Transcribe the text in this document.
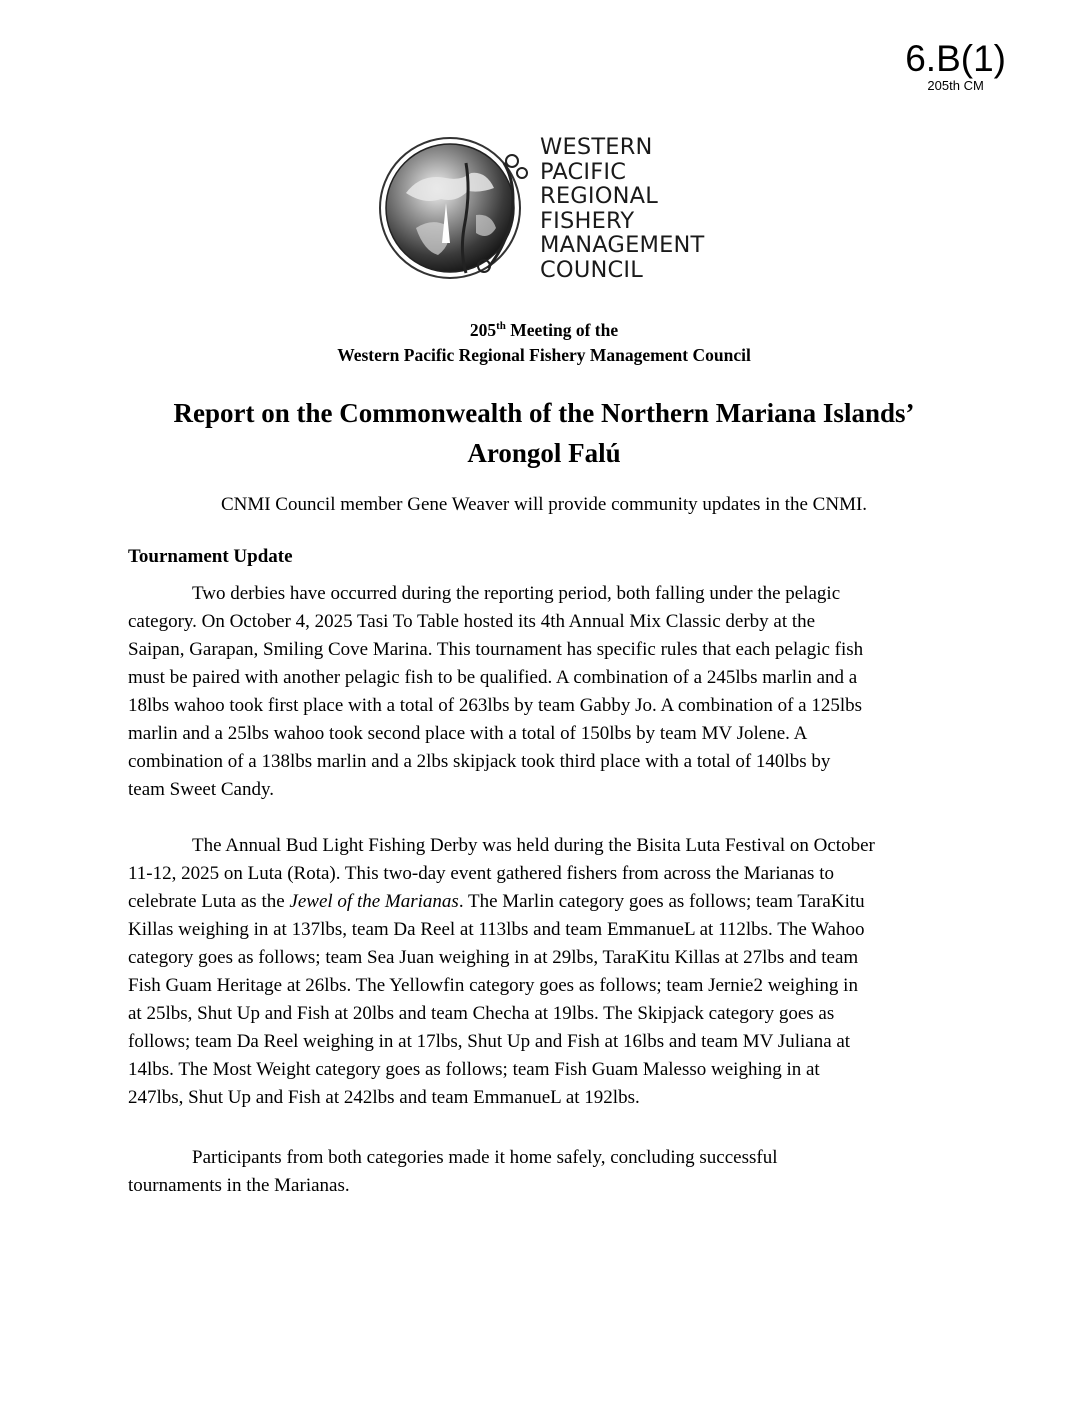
6.B(1)
205th CM
WESTERN
PACIFIC
REGIONAL
FISHERY
MANAGEMENT
COUNCIL
205th Meeting of the
Western Pacific Regional Fishery Management Council
Report on the Commonwealth of the Northern Mariana Islands’
Arongol Falú
CNMI Council member Gene Weaver will provide community updates in the CNMI.
Tournament Update
Two derbies have occurred during the reporting period, both falling under the pelagic
category. On October 4, 2025 Tasi To Table hosted its 4th Annual Mix Classic derby at the
Saipan, Garapan, Smiling Cove Marina. This tournament has specific rules that each pelagic fish
must be paired with another pelagic fish to be qualified. A combination of a 245lbs marlin and a
18lbs wahoo took first place with a total of 263lbs by team Gabby Jo. A combination of a 125lbs
marlin and a 25lbs wahoo took second place with a total of 150lbs by team MV Jolene. A
combination of a 138lbs marlin and a 2lbs skipjack took third place with a total of 140lbs by
team Sweet Candy.
The Annual Bud Light Fishing Derby was held during the Bisita Luta Festival on October
11-12, 2025 on Luta (Rota). This two-day event gathered fishers from across the Marianas to
celebrate Luta as the Jewel of the Marianas. The Marlin category goes as follows; team TaraKitu
Killas weighing in at 137lbs, team Da Reel at 113lbs and team EmmanueL at 112lbs. The Wahoo
category goes as follows; team Sea Juan weighing in at 29lbs, TaraKitu Killas at 27lbs and team
Fish Guam Heritage at 26lbs. The Yellowfin category goes as follows; team Jernie2 weighing in
at 25lbs, Shut Up and Fish at 20lbs and team Checha at 19lbs. The Skipjack category goes as
follows; team Da Reel weighing in at 17lbs, Shut Up and Fish at 16lbs and team MV Juliana at
14lbs. The Most Weight category goes as follows; team Fish Guam Malesso weighing in at
247lbs, Shut Up and Fish at 242lbs and team EmmanueL at 192lbs.
Participants from both categories made it home safely, concluding successful
tournaments in the Marianas.
